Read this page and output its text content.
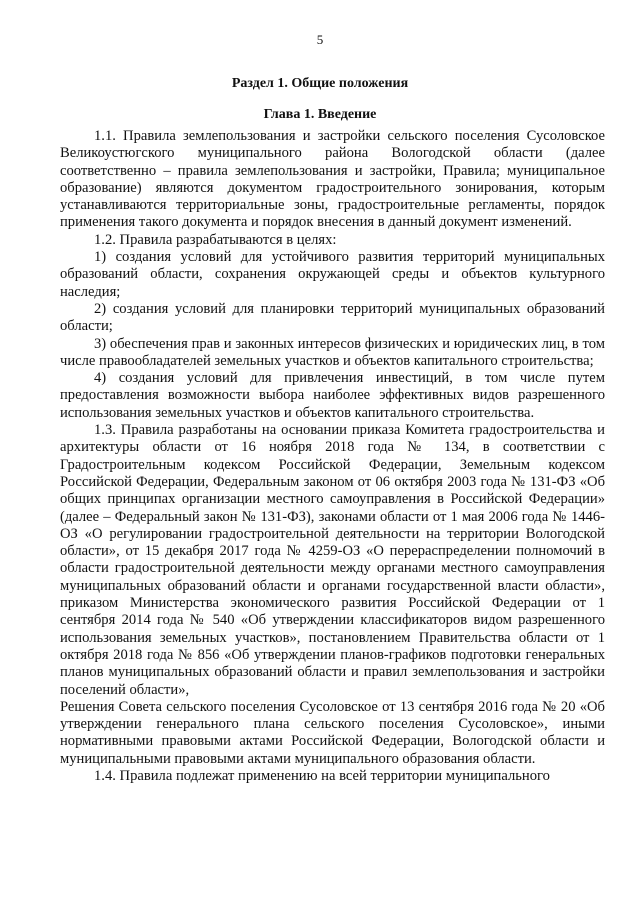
5
Раздел 1. Общие положения
Глава 1. Введение

1.1. Правила землепользования и застройки сельского поселения Сусоловское Великоустюгского муниципального района Вологодской области (далее соответственно – правила землепользования и застройки, Правила; муниципальное образование) являются документом градостроительного зонирования, которым устанавливаются территориальные зоны, градостроительные регламенты, порядок применения такого документа и порядок внесения в данный документ изменений.

1.2. Правила разрабатываются в целях:

1) создания условий для устойчивого развития территорий муниципальных образований области, сохранения окружающей среды и объектов культурного наследия;

2) создания условий для планировки территорий муниципальных образований области;

3) обеспечения прав и законных интересов физических и юридических лиц, в том числе правообладателей земельных участков и объектов капитального строительства;

4) создания условий для привлечения инвестиций, в том числе путем предоставления возможности выбора наиболее эффективных видов разрешенного использования земельных участков и объектов капитального строительства.

1.3. Правила разработаны на основании приказа Комитета градостроительства и архитектуры области от 16 ноября 2018 года № 134, в соответствии с Градостроительным кодексом Российской Федерации, Земельным кодексом Российской Федерации, Федеральным законом от 06 октября 2003 года № 131-ФЗ «Об общих принципах организации местного самоуправления в Российской Федерации» (далее – Федеральный закон № 131-ФЗ), законами области от 1 мая 2006 года № 1446-ОЗ «О регулировании градостроительной деятельности на территории Вологодской области», от 15 декабря 2017 года № 4259-ОЗ «О перераспределении полномочий в области градостроительной деятельности между органами местного самоуправления муниципальных образований области и органами государственной власти области», приказом Министерства экономического развития Российской Федерации от 1 сентября 2014 года № 540 «Об утверждении классификаторов видом разрешенного использования земельных участков», постановлением Правительства области от 1 октября 2018 года № 856 «Об утверждении планов-графиков подготовки генеральных планов муниципальных образований области и правил землепользования и застройки поселений области»,

Решения Совета сельского поселения Сусоловское от 13 сентября 2016 года № 20 «Об утверждении генерального плана сельского поселения Сусоловское», иными нормативными правовыми актами Российской Федерации, Вологодской области и муниципальными правовыми актами муниципального образования области.

1.4. Правила подлежат применению на всей территории муниципального
